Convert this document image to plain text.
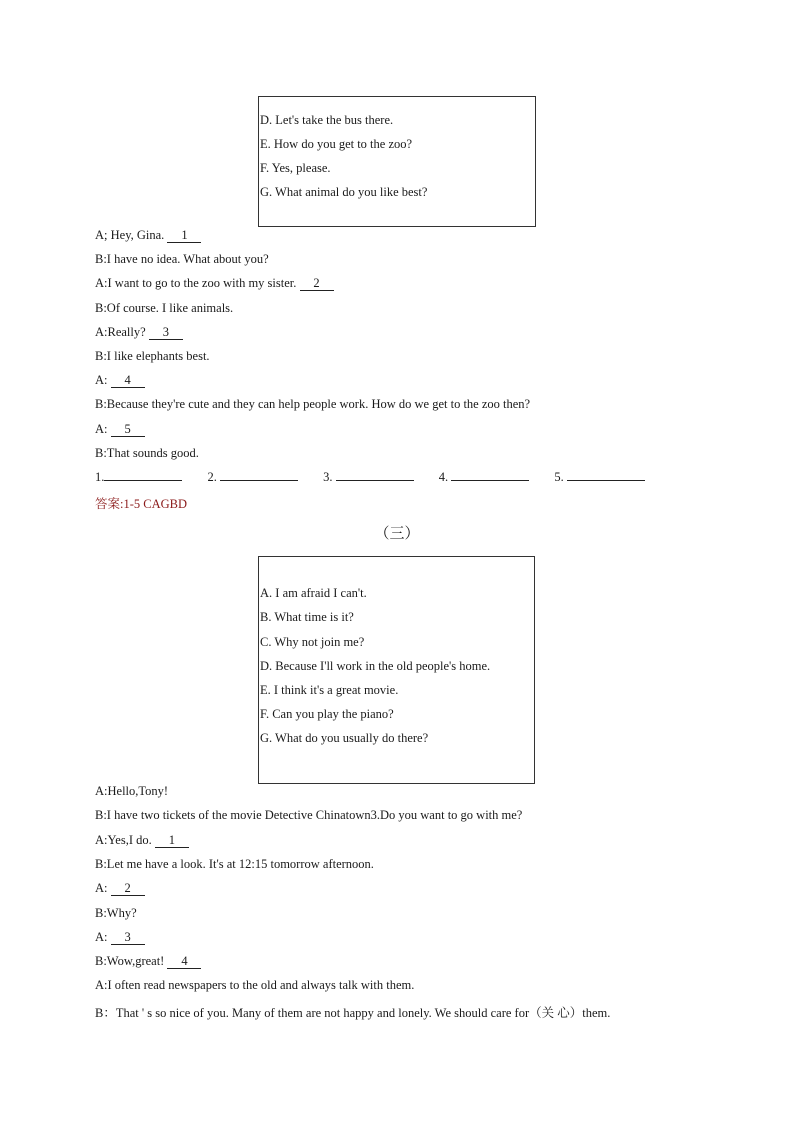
D. Let's take the bus there.
E. How do you get to the zoo?
F. Yes, please.
G. What animal do you like best?
A; Hey, Gina. 1
B:I have no idea. What about you?
A:I want to go to the zoo with my sister. 2
B:Of course. I like animals.
A:Really? 3
B:I like elephants best.
A: 4
B:Because they're cute and they can help people work. How do we get to the zoo then?
A: 5
B:That sounds good.
1.	2.	3.	4.	5.
答案:1-5 CAGBD
（三）
A. I am afraid I can't.
B. What time is it?
C. Why not join me?
D. Because I'll work in the old people's home.
E. I think it's a great movie.
F. Can you play the piano?
G. What do you usually do there?
A:Hello,Tony!
B:I have two tickets of the movie Detective Chinatown3.Do you want to go with me?
A:Yes,I do. 1
B:Let me have a look. It's at 12:15 tomorrow afternoon.
A: 2
B:Why?
A: 3
B:Wow,great! 4
A:I often read newspapers to the old and always talk with them.
B：That ' s so nice of you. Many of them are not happy and lonely. We should care for（关 心）them.
